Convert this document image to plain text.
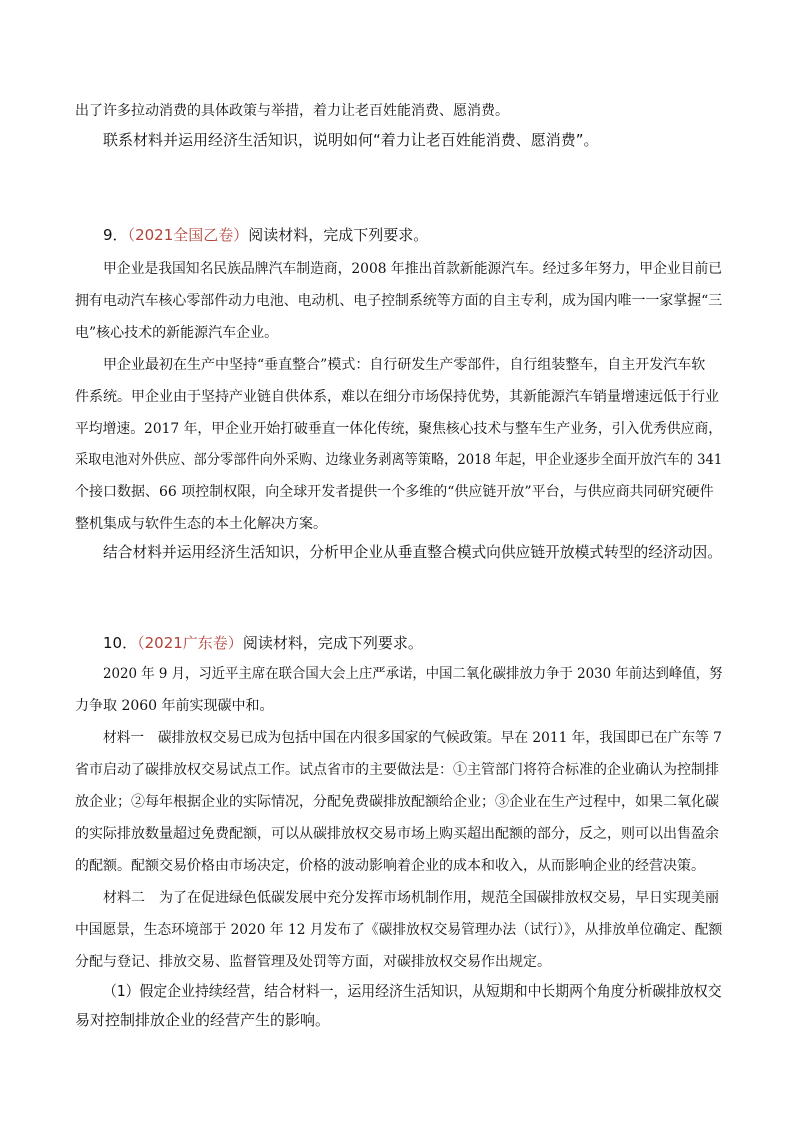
出了许多拉动消费的具体政策与举措，着力让老百姓能消费、愿消费。
联系材料并运用经济生活知识，说明如何“着力让老百姓能消费、愿消费”。
9．（2021全国乙卷）阅读材料，完成下列要求。
甲企业是我国知名民族品牌汽车制造商，2008 年推出首款新能源汽车。经过多年努力，甲企业目前已
拥有电动汽车核心零部件动力电池、电动机、电子控制系统等方面的自主专利，成为国内唯一一家掌握“三
电”核心技术的新能源汽车企业。
甲企业最初在生产中坚持“垂直整合”模式：自行研发生产零部件，自行组装整车，自主开发汽车软
件系统。甲企业由于坚持产业链自供体系，难以在细分市场保持优势，其新能源汽车销量增速远低于行业
平均增速。2017 年，甲企业开始打破垂直一体化传统，聚焦核心技术与整车生产业务，引入优秀供应商，
采取电池对外供应、部分零部件向外采购、边缘业务剥离等策略，2018 年起，甲企业逐步全面开放汽车的 341
个接口数据、66 项控制权限，向全球开发者提供一个多维的“供应链开放”平台，与供应商共同研究硬件
整机集成与软件生态的本土化解决方案。
结合材料并运用经济生活知识，分析甲企业从垂直整合模式向供应链开放模式转型的经济动因。
10．（2021广东卷）阅读材料，完成下列要求。
2020 年 9 月，习近平主席在联合国大会上庄严承诺，中国二氧化碳排放力争于 2030 年前达到峰值，努
力争取 2060 年前实现碳中和。
材料一　碳排放权交易已成为包括中国在内很多国家的气候政策。早在 2011 年，我国即已在广东等 7
省市启动了碳排放权交易试点工作。试点省市的主要做法是：①主管部门将符合标准的企业确认为控制排
放企业；②每年根据企业的实际情况，分配免费碳排放配额给企业；③企业在生产过程中，如果二氧化碳
的实际排放数量超过免费配额，可以从碳排放权交易市场上购买超出配额的部分，反之，则可以出售盈余
的配额。配额交易价格由市场决定，价格的波动影响着企业的成本和收入，从而影响企业的经营决策。
材料二　为了在促进绿色低碳发展中充分发挥市场机制作用，规范全国碳排放权交易，早日实现美丽
中国愿景，生态环境部于 2020 年 12 月发布了《碳排放权交易管理办法（试行）》，从排放单位确定、配额
分配与登记、排放交易、监督管理及处罚等方面，对碳排放权交易作出规定。
（1）假定企业持续经营，结合材料一，运用经济生活知识，从短期和中长期两个角度分析碳排放权交
易对控制排放企业的经营产生的影响。
